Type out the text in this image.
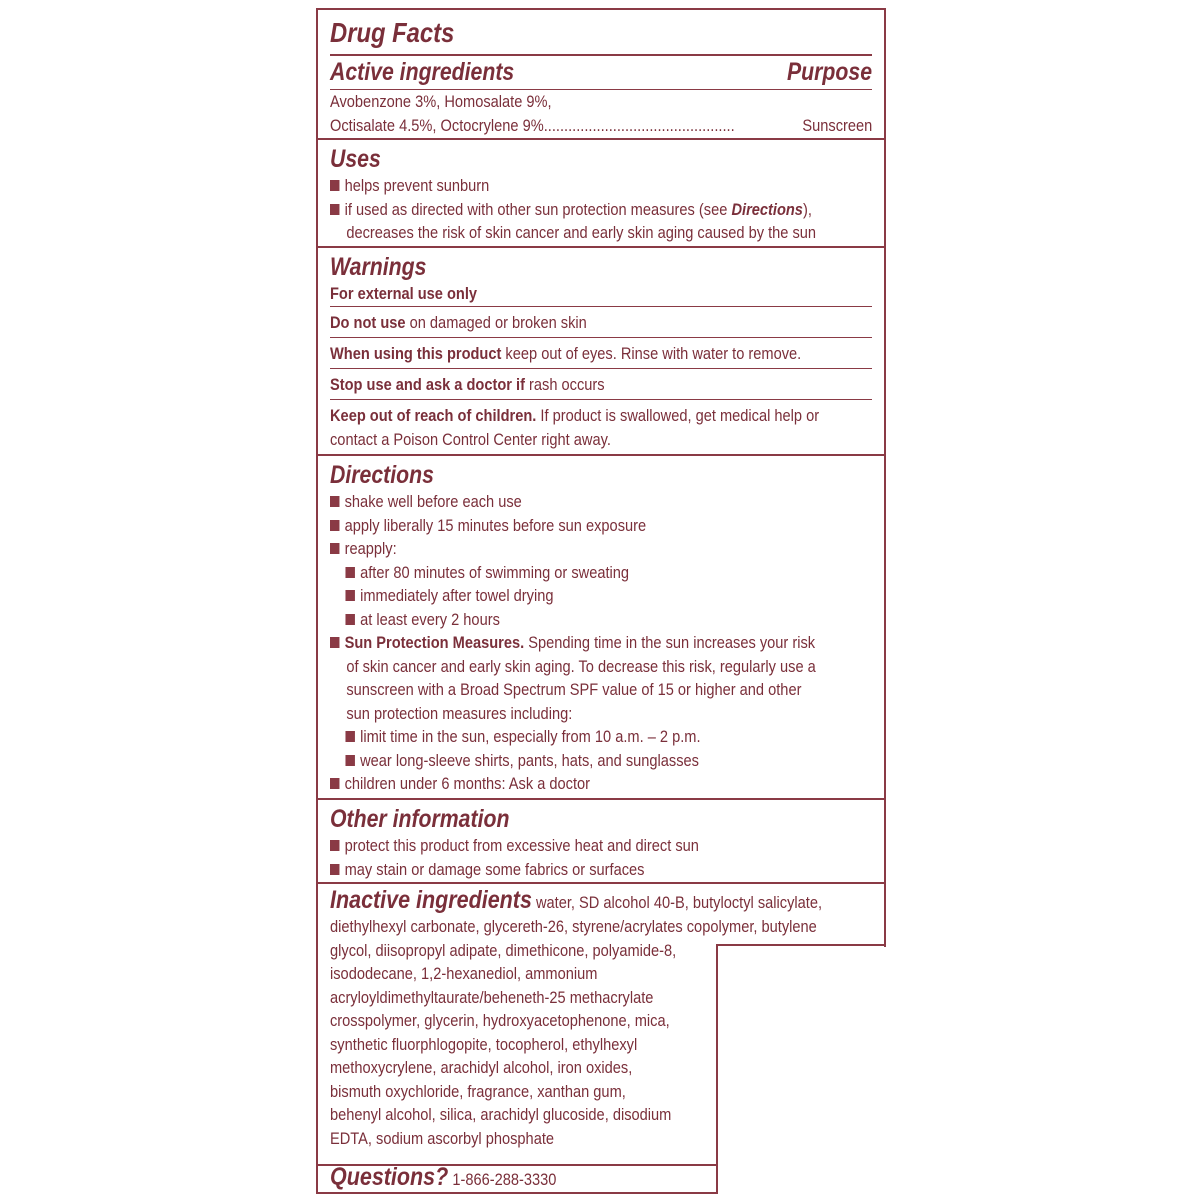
Drug Facts
Active ingredients	Purpose
Avobenzone 3%, Homosalate 9%,
Octisalate 4.5%, Octocrylene 9%...............................................	Sunscreen
Uses
helps prevent sunburn
if used as directed with other sun protection measures (see Directions),
decreases the risk of skin cancer and early skin aging caused by the sun
Warnings
For external use only
Do not use on damaged or broken skin
When using this product keep out of eyes. Rinse with water to remove.
Stop use and ask a doctor if rash occurs
Keep out of reach of children. If product is swallowed, get medical help or
contact a Poison Control Center right away.
Directions
shake well before each use
apply liberally 15 minutes before sun exposure
reapply:
after 80 minutes of swimming or sweating
immediately after towel drying
at least every 2 hours
Sun Protection Measures. Spending time in the sun increases your risk
of skin cancer and early skin aging. To decrease this risk, regularly use a
sunscreen with a Broad Spectrum SPF value of 15 or higher and other
sun protection measures including:
limit time in the sun, especially from 10 a.m. – 2 p.m.
wear long-sleeve shirts, pants, hats, and sunglasses
children under 6 months: Ask a doctor
Other information
protect this product from excessive heat and direct sun
may stain or damage some fabrics or surfaces
Inactive ingredients water, SD alcohol 40-B, butyloctyl salicylate,
diethylhexyl carbonate, glycereth-26, styrene/acrylates copolymer, butylene
glycol, diisopropyl adipate, dimethicone, polyamide-8,
isododecane, 1,2-hexanediol, ammonium
acryloyldimethyltaurate/beheneth-25 methacrylate
crosspolymer, glycerin, hydroxyacetophenone, mica,
synthetic fluorphlogopite, tocopherol, ethylhexyl
methoxycrylene, arachidyl alcohol, iron oxides,
bismuth oxychloride, fragrance, xanthan gum,
behenyl alcohol, silica, arachidyl glucoside, disodium
EDTA, sodium ascorbyl phosphate
Questions? 1-866-288-3330
